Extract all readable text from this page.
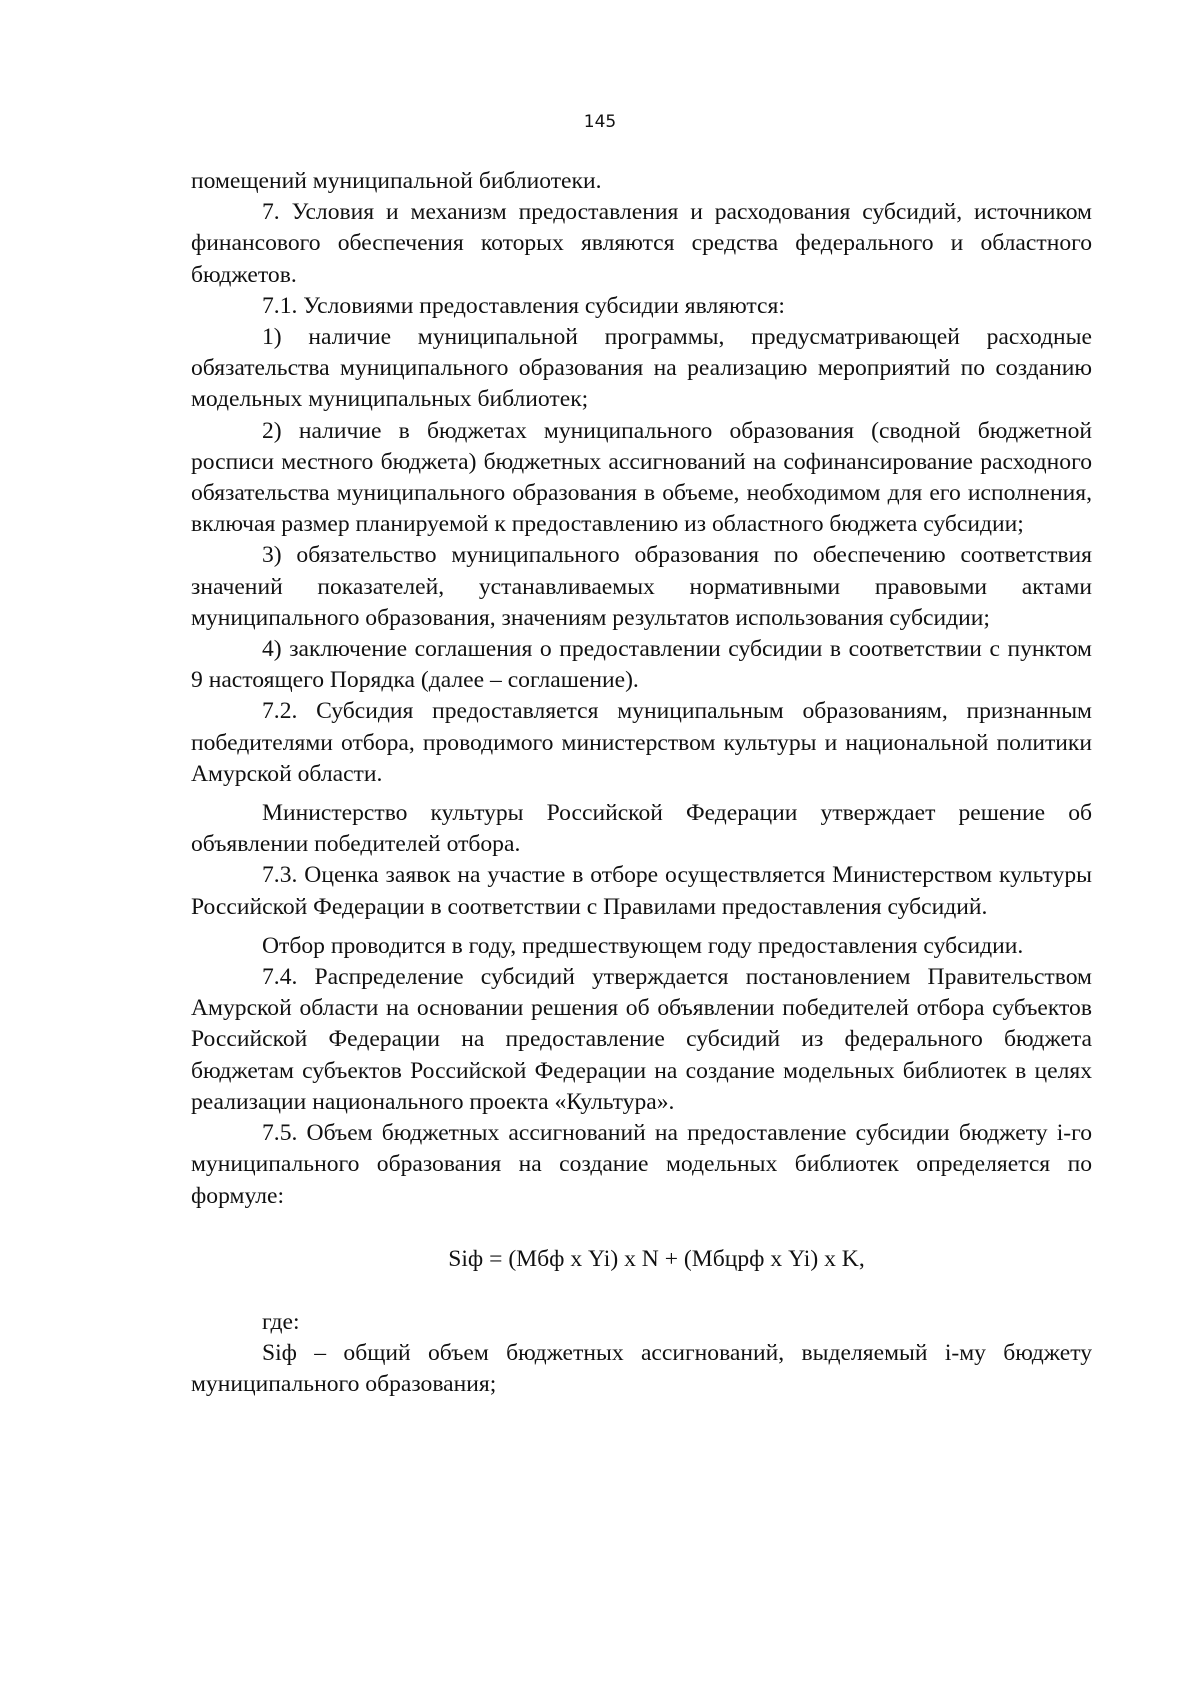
145

помещений муниципальной библиотеки.

7. Условия и механизм предоставления и расходования субсидий, источником финансового обеспечения которых являются средства федерального и областного бюджетов.

7.1. Условиями предоставления субсидии являются:

1) наличие муниципальной программы, предусматривающей расходные обязательства муниципального образования на реализацию мероприятий по созданию модельных муниципальных библиотек;

2) наличие в бюджетах муниципального образования (сводной бюджетной росписи местного бюджета) бюджетных ассигнований на софинансирование расходного обязательства муниципального образования в объеме, необходимом для его исполнения, включая размер планируемой к предоставлению из областного бюджета субсидии;

3) обязательство муниципального образования по обеспечению соответствия значений показателей, устанавливаемых нормативными правовыми актами муниципального образования, значениям результатов использования субсидии;

4) заключение соглашения о предоставлении субсидии в соответствии с пунктом 9 настоящего Порядка (далее – соглашение).

7.2. Субсидия предоставляется муниципальным образованиям, признанным победителями отбора, проводимого министерством культуры и национальной политики Амурской области.

Министерство культуры Российской Федерации утверждает решение об объявлении победителей отбора.

7.3. Оценка заявок на участие в отборе осуществляется Министерством культуры Российской Федерации в соответствии с Правилами предоставления субсидий.

Отбор проводится в году, предшествующем году предоставления субсидии.

7.4. Распределение субсидий утверждается постановлением Правительством Амурской области на основании решения об объявлении победителей отбора субъектов Российской Федерации на предоставление субсидий из федерального бюджета бюджетам субъектов Российской Федерации на создание модельных библиотек в целях реализации национального проекта «Культура».

7.5. Объем бюджетных ассигнований на предоставление субсидии бюджету i-го муниципального образования на создание модельных библиотек определяется по формуле:

Siф = (Мбф х Yi) х N + (Мбцрф х Yi) х K,

где:

Siф – общий объем бюджетных ассигнований, выделяемый i-му бюджету муниципального образования;
